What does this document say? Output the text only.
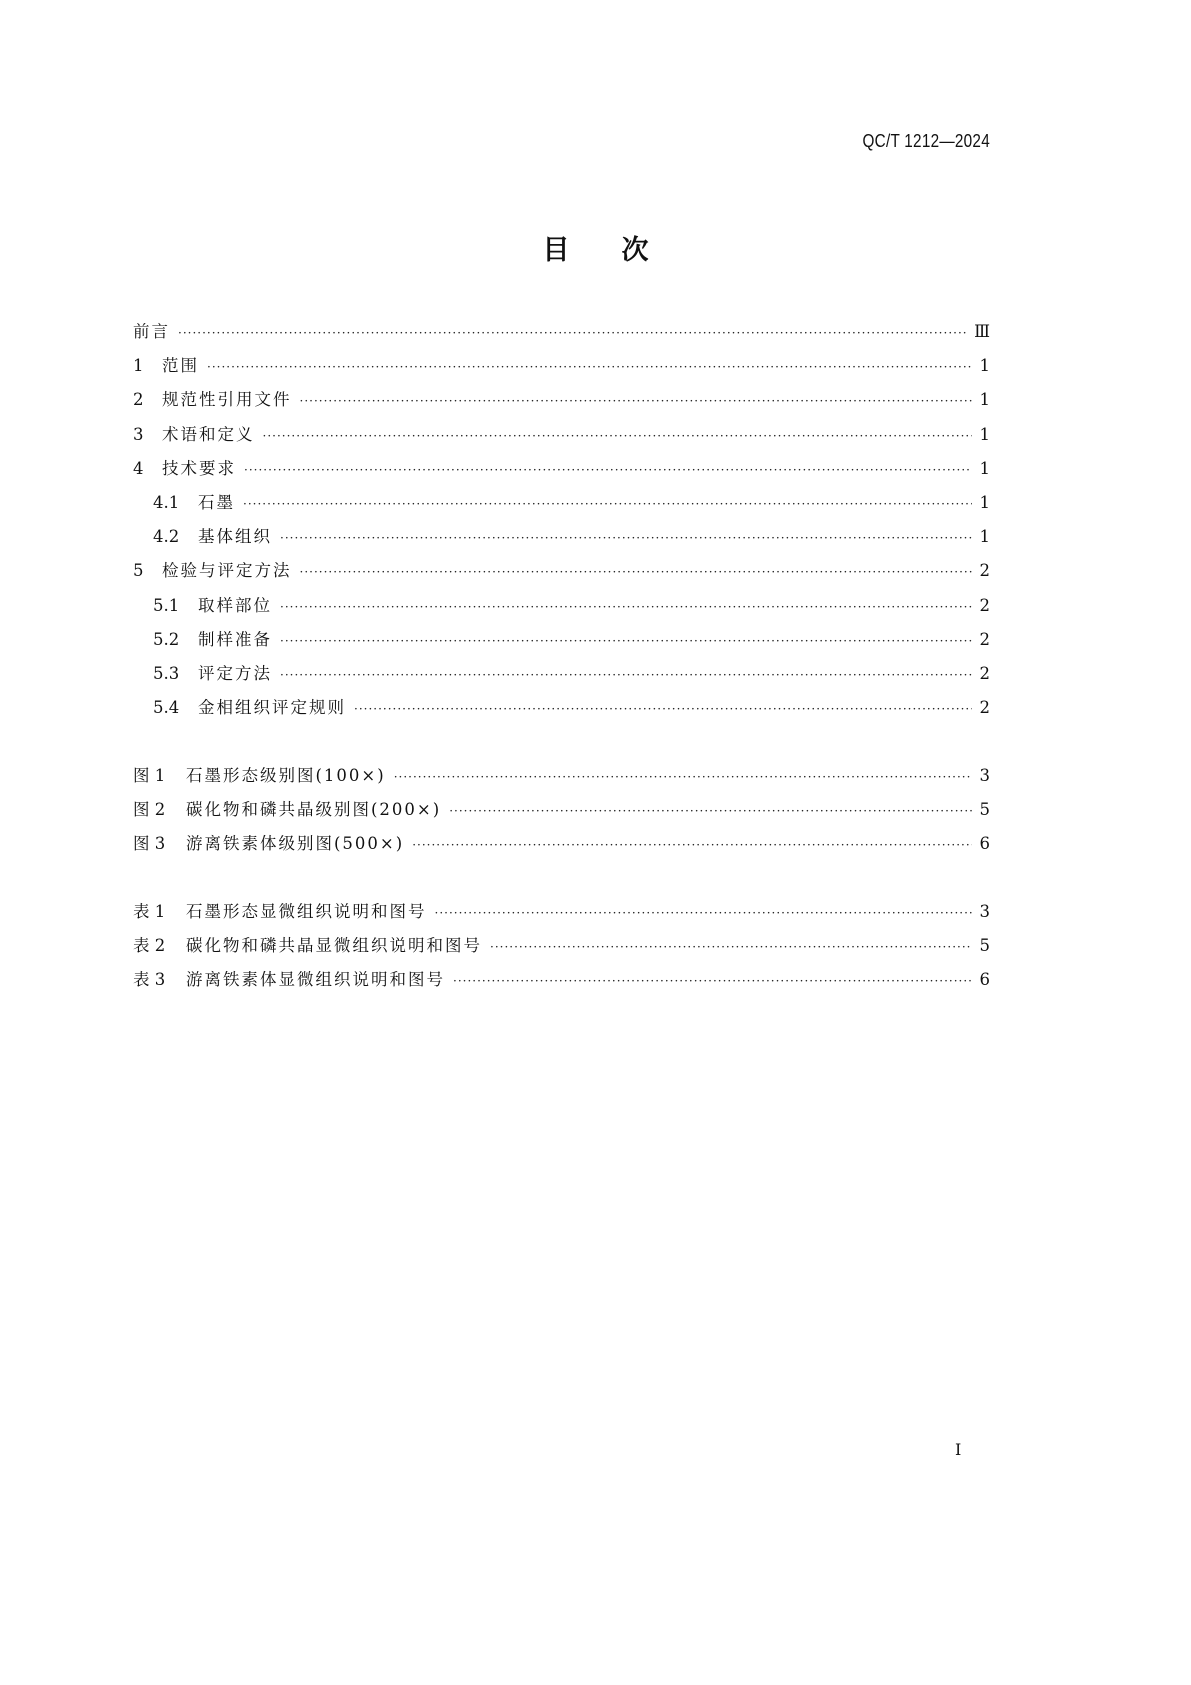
QC/T 1212—2024
目 次
前言 ·····	Ⅲ
1	范围 ·····	1
2	规范性引用文件 ·····	1
3	术语和定义 ·····	1
4	技术要求 ·····	1
4.1	石墨 ·····	1
4.2	基体组织 ·····	1
5	检验与评定方法 ·····	2
5.1	取样部位 ·····	2
5.2	制样准备 ·····	2
5.3	评定方法 ·····	2
5.4	金相组织评定规则 ·····	2
图 1	石墨形态级别图(100×) ·····	3
图 2	碳化物和磷共晶级别图(200×) ·····	5
图 3	游离铁素体级别图(500×) ·····	6
表 1	石墨形态显微组织说明和图号 ·····	3
表 2	碳化物和磷共晶显微组织说明和图号 ·····	5
表 3	游离铁素体显微组织说明和图号 ·····	6
I
